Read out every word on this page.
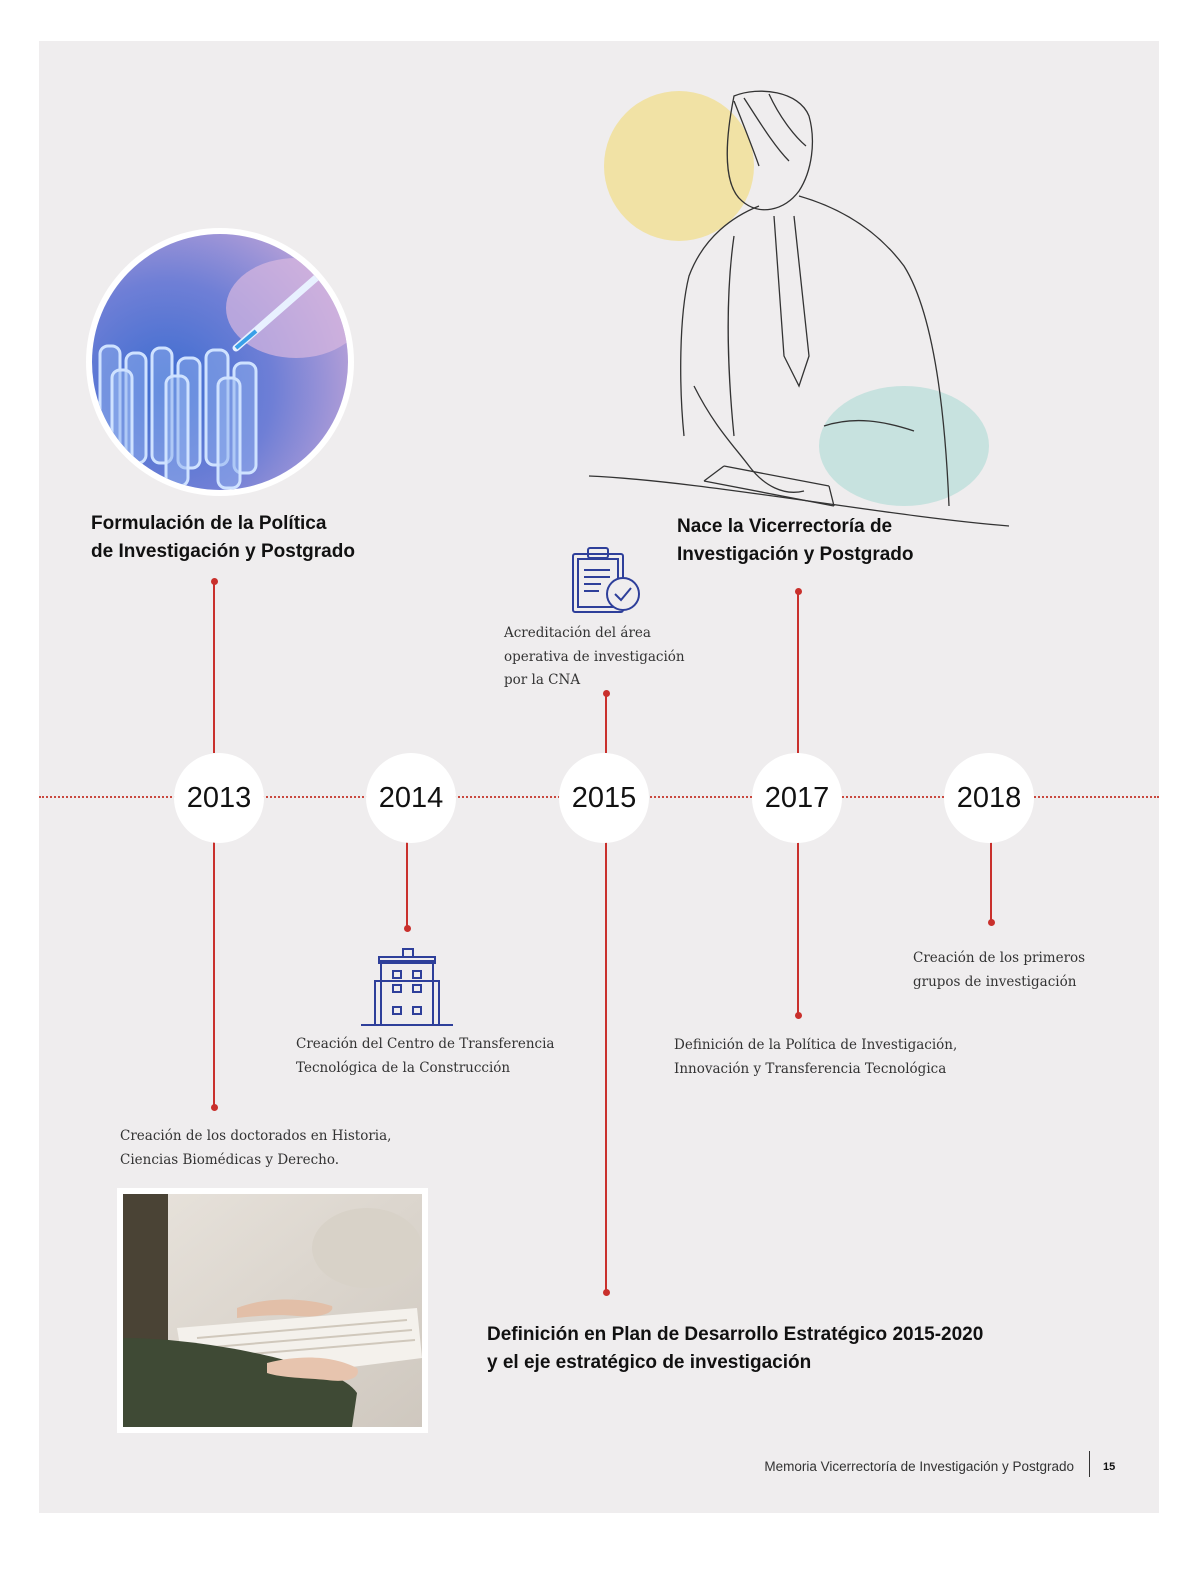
2013	2014	2015	2017	2018
Formulación de la Política
de Investigación y Postgrado
Nace la Vicerrectoría de
Investigación y Postgrado
Acreditación del área
operativa de investigación
por la CNA
Creación del Centro de Transferencia
Tecnológica de la Construcción
Creación de los primeros
grupos de investigación
Definición de la Política de Investigación,
Innovación y Transferencia Tecnológica
Creación de los doctorados en Historia,
Ciencias Biomédicas y Derecho.
Definición en Plan de Desarrollo Estratégico 2015-2020
y el eje estratégico de investigación
Memoria Vicerrectoría de Investigación y Postgrado	15
